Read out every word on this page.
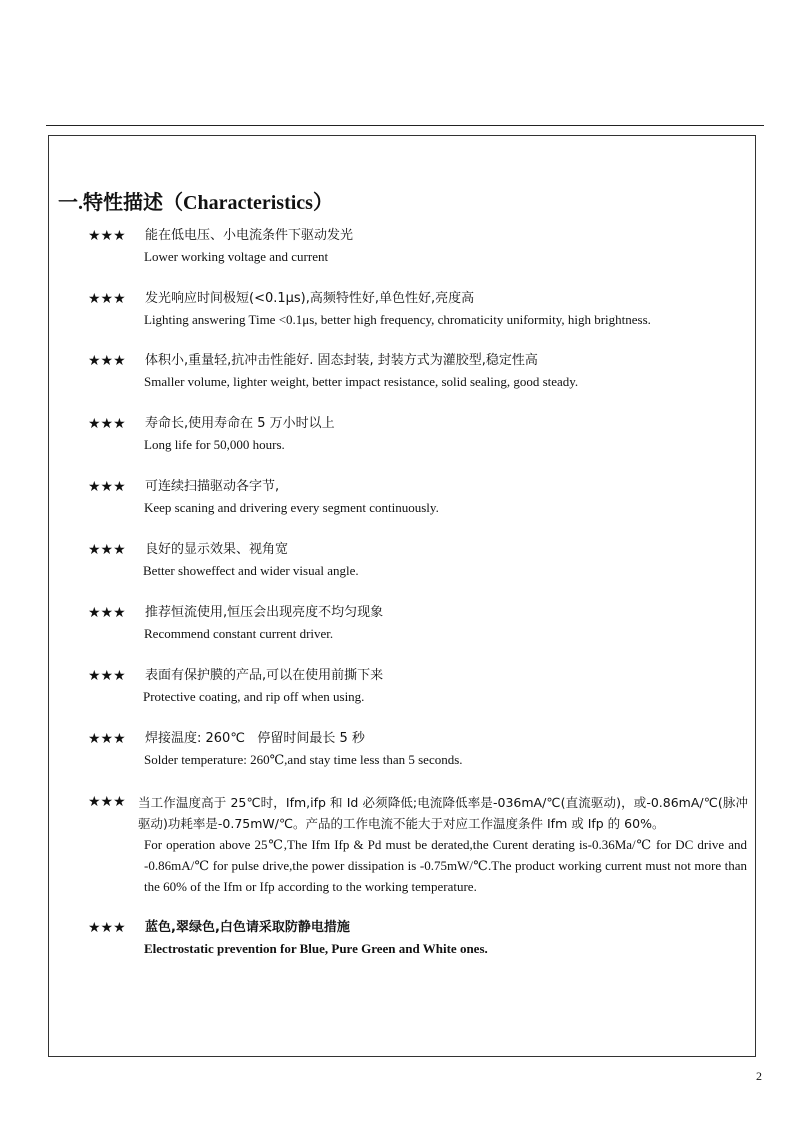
一.特性描述（Characteristics）
★★★ 能在低电压、小电流条件下驱动发光
Lower working voltage and current
★★★ 发光响应时间极短(<0.1μs),高频特性好,单色性好,亮度高
Lighting answering Time <0.1μs, better high frequency, chromaticity uniformity, high brightness.
★★★ 体积小,重量轻,抗冲击性能好. 固态封装, 封装方式为灌胶型,稳定性高
Smaller volume, lighter weight, better impact resistance, solid sealing, good steady.
★★★ 寿命长,使用寿命在 5 万小时以上
Long life for 50,000 hours.
★★★ 可连续扫描驱动各字节,
Keep scaning and drivering every segment continuously.
★★★ 良好的显示效果、视角宽
Better showeffect and wider visual angle.
★★★ 推荐恒流使用,恒压会出现亮度不均匀现象
Recommend constant current driver.
★★★ 表面有保护膜的产品,可以在使用前撕下来
Protective coating, and rip off when using.
★★★ 焊接温度: 260℃   停留时间最长 5 秒
Solder temperature: 260℃,and stay time less than 5 seconds.
★★★ 当工作温度高于 25℃时，Ifm,ifp 和 Id 必须降低;电流降低率是-036mA/℃(直流驱动)，或-0.86mA/℃(脉冲驱动)功耗率是-0.75mW/℃。产品的工作电流不能大于对应工作温度条件 Ifm 或 Ifp 的 60%。
For operation above 25℃,The Ifm Ifp & Pd must be derated,the Curent derating is-0.36Ma/℃ for DC drive and -0.86mA/℃ for pulse drive,the power dissipation is -0.75mW/℃.The product working current must not more than the 60% of the Ifm or Ifp according to the working temperature.
★★★ 蓝色,翠绿色,白色请采取防静电措施
Electrostatic prevention for Blue, Pure Green and White ones.
2
